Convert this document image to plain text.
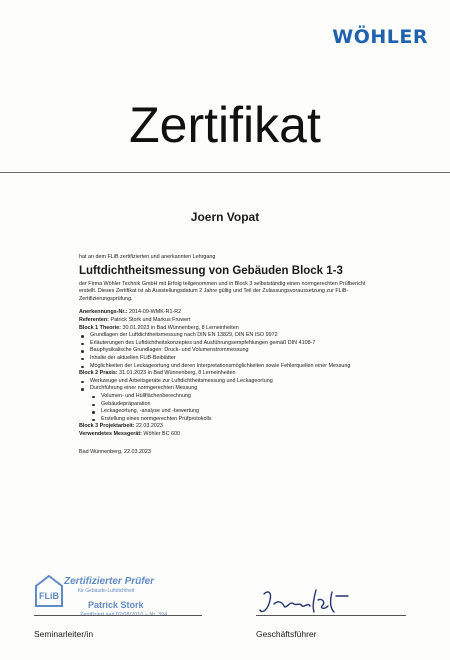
WÖHLER
Zertifikat
Joern Vopat
hat an dem FLiB zertifizierten und anerkannten Lehrgang
Luftdichtheitsmessung von Gebäuden Block 1-3
der Firma Wöhler Technik GmbH mit Erfolg teilgenommen und in Block 3 selbstständig einen normgerechten Prüfbericht erstellt. Dieses Zertifikat ist ab Ausstellungsdatum 2 Jahre gültig und Teil der Zulassungsvoraussetzung zur FLiB-Zertifizierungsprüfung.
Anerkennungs-Nr.: 2014-09-WMK-R1-R2
Referenten: Patrick Stork und Markus Fruwert
Block 1 Theorie: 30.01.2023 in Bad Wünnenberg, 8 Lerneinheiten
Grundlagen der Luftdichtheitsmessung nach DIN EN 13829, DIN EN ISO 9972
Erläuterungen des Luftdichtheitskonzeptes und Ausführungsempfehlungen gemäß DIN 4108-7
Bauphysikalische Grundlagen: Druck- und Volumenstrommessung
Inhalte der aktuellen FLiB-Beiblätter
Möglichkeiten der Leckageortung und deren Interpretationsmöglichkeiten sowie Fehlerquellen einer Messung
Block 2 Praxis: 31.01.2023 in Bad Wünnenberg, 8 Lerneinheiten
Werkzeuge und Arbeitsgeräte zur Luftdichtheitsmessung und Leckageortung
Durchführung einer normgerechten Messung
Volumen- und Hüllflächenberechnung
Gebäudepräparation
Leckageortung, -analyse und -bewertung
Erstellung eines normgerechten Prüfprotokolls
Block 3 Projektarbeit: 22.03.2023
Verwendetes Messgerät: Wöhler BC 600
Bad Wünnenberg, 22.03.2023
FLiB
Zertifizierter Prüfer
für Gebäude-Luftdichtheit
Patrick Stork
Seminarleiter/in	Geschäftsführer
